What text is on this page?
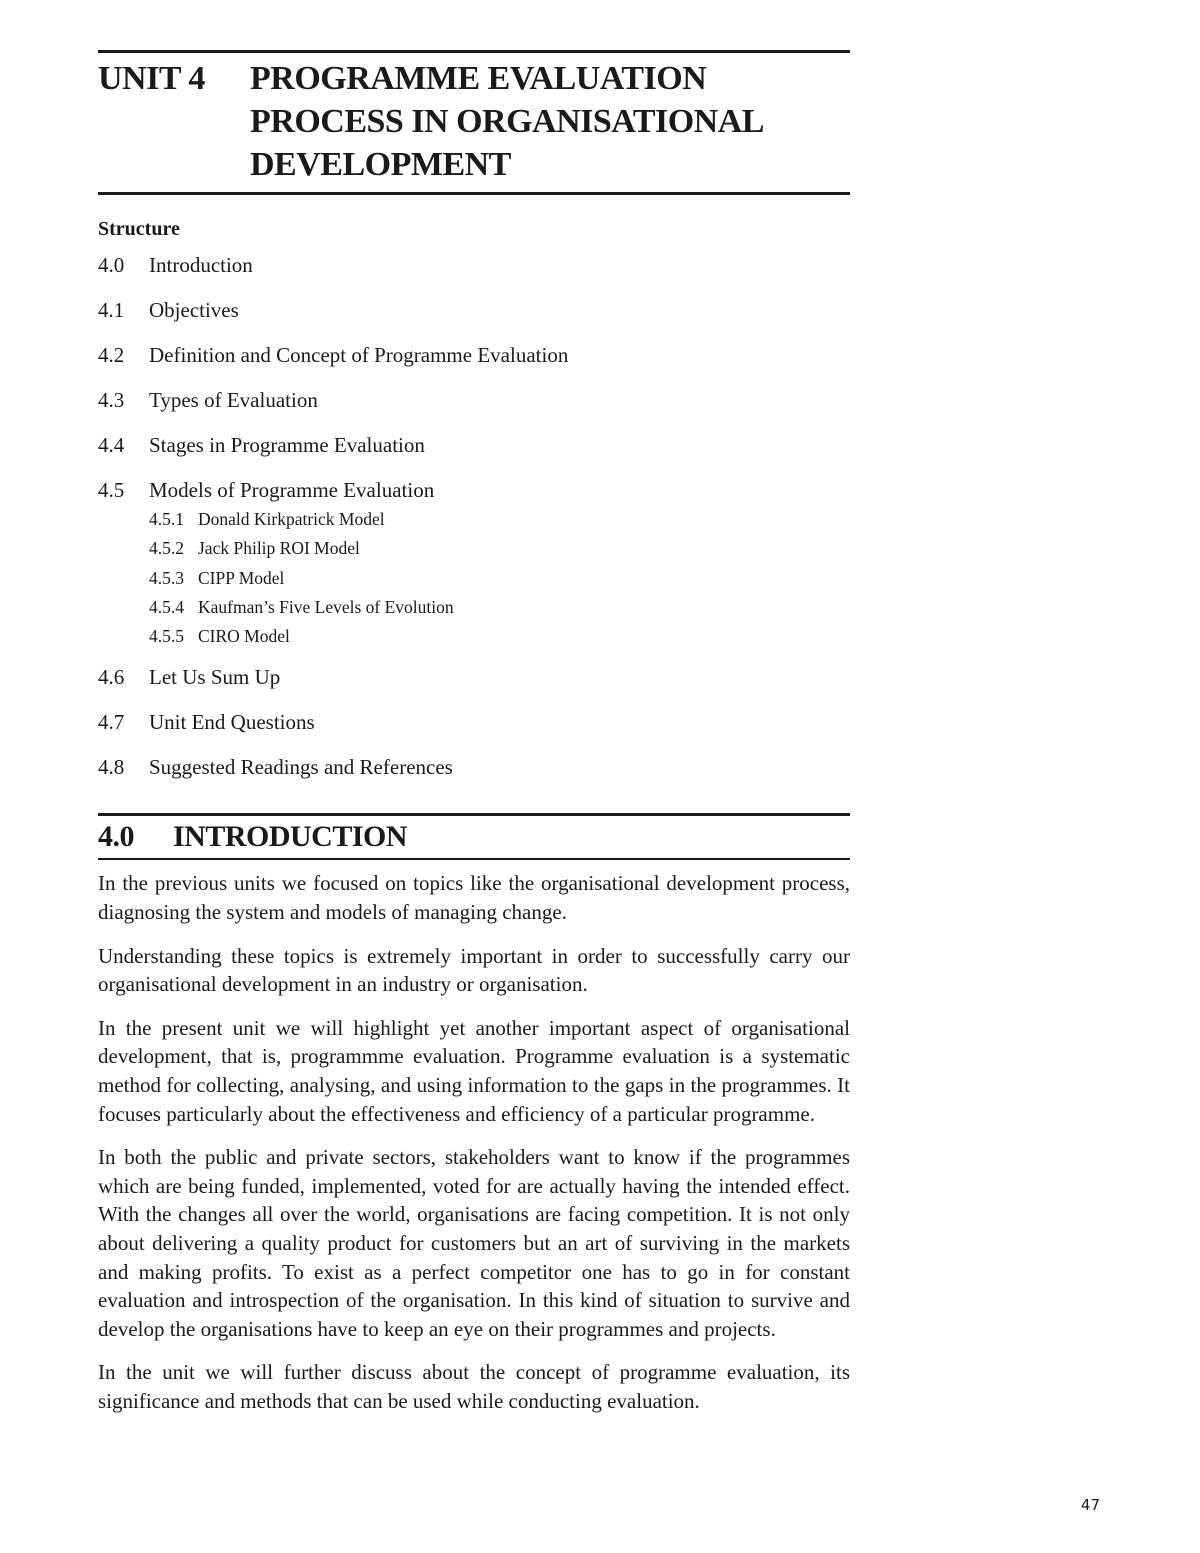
UNIT 4	PROGRAMME EVALUATION
PROCESS IN ORGANISATIONAL
DEVELOPMENT
Structure
4.0	Introduction
4.1	Objectives
4.2	Definition and Concept of Programme Evaluation
4.3	Types of Evaluation
4.4	Stages in Programme Evaluation
4.5	Models of Programme Evaluation
4.5.1 Donald Kirkpatrick Model
4.5.2 Jack Philip ROI Model
4.5.3 CIPP Model
4.5.4 Kaufman’s Five Levels of Evolution
4.5.5 CIRO Model
4.6	Let Us Sum Up
4.7	Unit End Questions
4.8	Suggested Readings and References
4.0	INTRODUCTION

In the previous units we focused on topics like the organisational development process, diagnosing the system and models of managing change.

Understanding these topics is extremely important in order to successfully carry our organisational development in an industry or organisation.

In the present unit we will highlight yet another important aspect of organisational development, that is, programmme evaluation. Programme evaluation is a systematic method for collecting, analysing, and using information to the gaps in the programmes. It focuses particularly about the effectiveness and efficiency of a particular programme.

In both the public and private sectors, stakeholders want to know if the programmes which are being funded, implemented, voted for are actually having the intended effect. With the changes all over the world, organisations are facing competition. It is not only about delivering a quality product for customers but an art of surviving in the markets and making profits. To exist as a perfect competitor one has to go in for constant evaluation and introspection of the organisation. In this kind of situation to survive and develop the organisations have to keep an eye on their programmes and projects.

In the unit we will further discuss about the concept of programme evaluation, its significance and methods that can be used while conducting evaluation.

47
